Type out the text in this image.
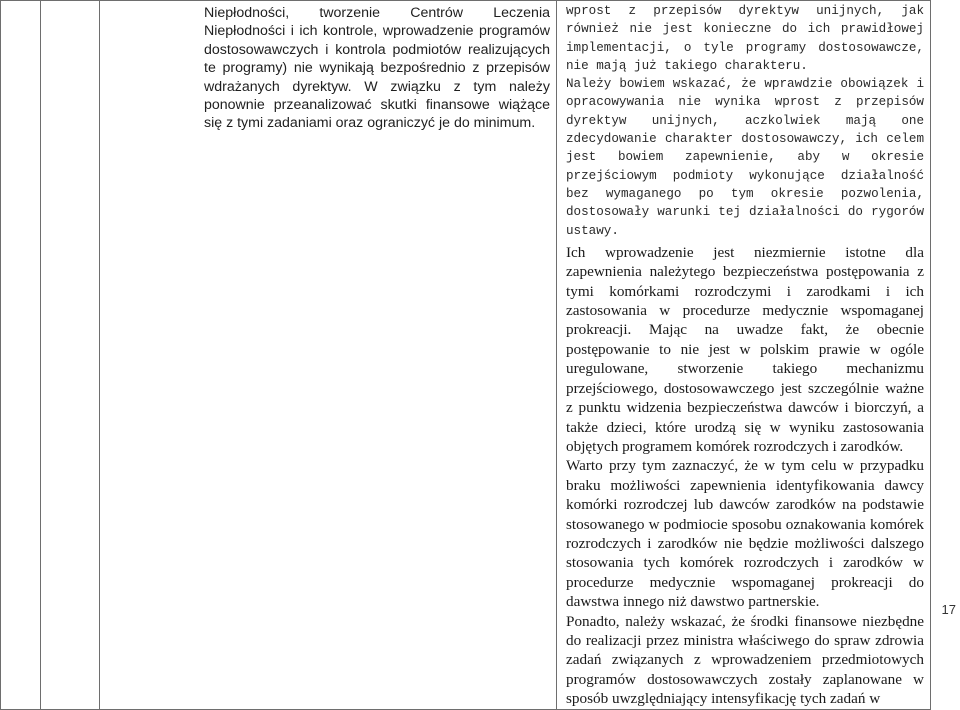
Niepłodności, tworzenie Centrów Leczenia Niepłodności i ich kontrole, wprowadzenie programów dostosowawczych i kontrola podmiotów realizujących te programy) nie wynikają bezpośrednio z przepisów wdrażanych dyrektyw. W związku z tym należy ponownie przeanalizować skutki finansowe wiążące się z tymi zadaniami oraz ograniczyć je do minimum.

wprost z przepisów dyrektyw unijnych, jak również nie jest konieczne do ich prawidłowej implementacji, o tyle programy dostosowawcze, nie mają już takiego charakteru.

Należy bowiem wskazać, że wprawdzie obowiązek i opracowywania nie wynika wprost z przepisów dyrektyw unijnych, aczkolwiek mają one zdecydowanie charakter dostosowawczy, ich celem jest bowiem zapewnienie, aby w okresie przejściowym podmioty wykonujące działalność bez wymaganego po tym okresie pozwolenia, dostosowały warunki tej działalności do rygorów ustawy.

Ich wprowadzenie jest niezmiernie istotne dla zapewnienia należytego bezpieczeństwa postępowania z tymi komórkami rozrodczymi i zarodkami i ich zastosowania w procedurze medycznie wspomaganej prokreacji. Mając na uwadze fakt, że obecnie postępowanie to nie jest w polskim prawie w ogóle uregulowane, stworzenie takiego mechanizmu przejściowego, dostosowawczego jest szczególnie ważne z punktu widzenia bezpieczeństwa dawców i biorczyń, a także dzieci, które urodzą się w wyniku zastosowania objętych programem komórek rozrodczych i zarodków.

Warto przy tym zaznaczyć, że w tym celu w przypadku braku możliwości zapewnienia identyfikowania dawcy komórki rozrodczej lub dawców zarodków na podstawie stosowanego w podmiocie sposobu oznakowania komórek rozrodczych i zarodków nie będzie możliwości dalszego stosowania tych komórek rozrodczych i zarodków w procedurze medycznie wspomaganej prokreacji do dawstwa innego niż dawstwo partnerskie.

Ponadto, należy wskazać, że środki finansowe niezbędne do realizacji przez ministra właściwego do spraw zdrowia zadań związanych z wprowadzeniem przedmiotowych programów dostosowawczych zostały zaplanowane w sposób uwzględniający intensyfikację tych zadań w

17
